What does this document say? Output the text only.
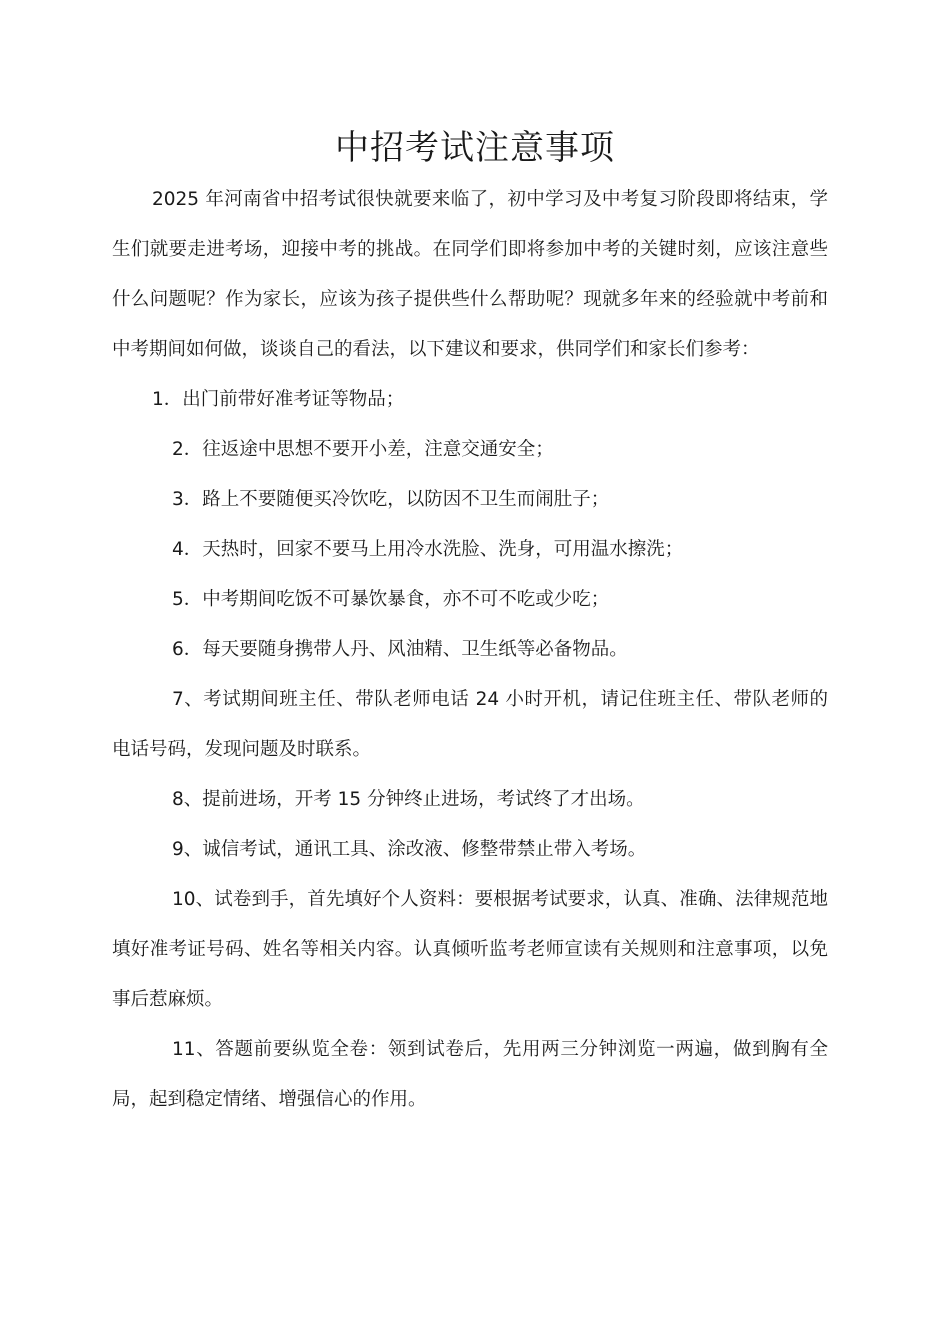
中招考试注意事项

2025 年河南省中招考试很快就要来临了，初中学习及中考复习阶段即将结束，学生们就要走进考场，迎接中考的挑战。在同学们即将参加中考的关键时刻，应该注意些什么问题呢？作为家长，应该为孩子提供些什么帮助呢？现就多年来的经验就中考前和中考期间如何做，谈谈自己的看法，以下建议和要求，供同学们和家长们参考：

1．出门前带好准考证等物品；

2．往返途中思想不要开小差，注意交通安全；

3．路上不要随便买冷饮吃，以防因不卫生而闹肚子；

4．天热时，回家不要马上用冷水洗脸、洗身，可用温水擦洗；

5．中考期间吃饭不可暴饮暴食，亦不可不吃或少吃；

6．每天要随身携带人丹、风油精、卫生纸等必备物品。

7、考试期间班主任、带队老师电话 24 小时开机，请记住班主任、带队老师的电话号码，发现问题及时联系。

8、提前进场，开考 15 分钟终止进场，考试终了才出场。

9、诚信考试，通讯工具、涂改液、修整带禁止带入考场。

10、试卷到手，首先填好个人资料：要根据考试要求，认真、准确、法律规范地填好准考证号码、姓名等相关内容。认真倾听监考老师宣读有关规则和注意事项，以免事后惹麻烦。

11、答题前要纵览全卷：领到试卷后，先用两三分钟浏览一两遍，做到胸有全局，起到稳定情绪、增强信心的作用。
